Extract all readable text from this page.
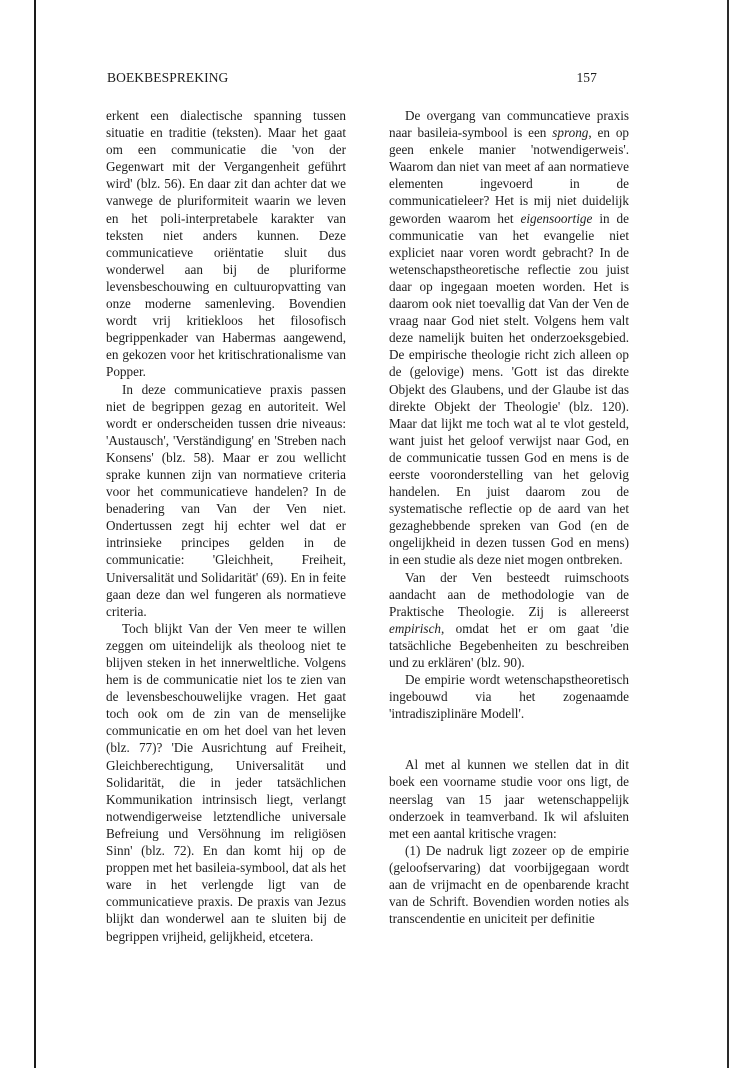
BOEKBESPREKING	157

erkent een dialectische spanning tussen situatie en traditie (teksten). Maar het gaat om een communicatie die 'von der Gegenwart mit der Vergangenheit geführt wird' (blz. 56). En daar zit dan achter dat we vanwege de pluriformiteit waarin we leven en het poli-interpretabele karakter van teksten niet anders kunnen. Deze communicatieve oriëntatie sluit dus wonderwel aan bij de pluriforme levensbeschouwing en cultuuropvatting van onze moderne samenleving. Bovendien wordt vrij kritiekloos het filosofisch begrippenkader van Habermas aangewend, en gekozen voor het kritischrationalisme van Popper.

In deze communicatieve praxis passen niet de begrippen gezag en autoriteit. Wel wordt er onderscheiden tussen drie niveaus: 'Austausch', 'Verständigung' en 'Streben nach Konsens' (blz. 58). Maar er zou wellicht sprake kunnen zijn van normatieve criteria voor het communicatieve handelen? In de benadering van Van der Ven niet. Ondertussen zegt hij echter wel dat er intrinsieke principes gelden in de communicatie: 'Gleichheit, Freiheit, Universalität und Solidarität' (69). En in feite gaan deze dan wel fungeren als normatieve criteria.

Toch blijkt Van der Ven meer te willen zeggen om uiteindelijk als theoloog niet te blijven steken in het innerweltliche. Volgens hem is de communicatie niet los te zien van de levensbeschouwelijke vragen. Het gaat toch ook om de zin van de menselijke communicatie en om het doel van het leven (blz. 77)? 'Die Ausrichtung auf Freiheit, Gleichberechtigung, Universalität und Solidarität, die in jeder tatsächlichen Kommunikation intrinsisch liegt, verlangt notwendigerweise letztendliche universale Befreiung und Versöhnung im religiösen Sinn' (blz. 72). En dan komt hij op de proppen met het basileia-symbool, dat als het ware in het verlengde ligt van de communicatieve praxis. De praxis van Jezus blijkt dan wonderwel aan te sluiten bij de begrippen vrijheid, gelijkheid, etcetera.

De overgang van communcatieve praxis naar basileia-symbool is een sprong, en op geen enkele manier 'notwendigerweis'. Waarom dan niet van meet af aan normatieve elementen ingevoerd in de communicatieleer? Het is mij niet duidelijk geworden waarom het eigensoortige in de communicatie van het evangelie niet expliciet naar voren wordt gebracht? In de wetenschapstheoretische reflectie zou juist daar op ingegaan moeten worden. Het is daarom ook niet toevallig dat Van der Ven de vraag naar God niet stelt. Volgens hem valt deze namelijk buiten het onderzoeksgebied. De empirische theologie richt zich alleen op de (gelovige) mens. 'Gott ist das direkte Objekt des Glaubens, und der Glaube ist das direkte Objekt der Theologie' (blz. 120). Maar dat lijkt me toch wat al te vlot gesteld, want juist het geloof verwijst naar God, en de communicatie tussen God en mens is de eerste vooronderstelling van het gelovig handelen. En juist daarom zou de systematische reflectie op de aard van het gezaghebbende spreken van God (en de ongelijkheid in dezen tussen God en mens) in een studie als deze niet mogen ontbreken.

Van der Ven besteedt ruimschoots aandacht aan de methodologie van de Praktische Theologie. Zij is allereerst empirisch, omdat het er om gaat 'die tatsächliche Begebenheiten zu beschreiben und zu erklären' (blz. 90).

De empirie wordt wetenschapstheoretisch ingebouwd via het zogenaamde 'intradisziplinäre Modell'.

Al met al kunnen we stellen dat in dit boek een voorname studie voor ons ligt, de neerslag van 15 jaar wetenschappelijk onderzoek in teamverband. Ik wil afsluiten met een aantal kritische vragen:

(1) De nadruk ligt zozeer op de empirie (geloofservaring) dat voorbijgegaan wordt aan de vrijmacht en de openbarende kracht van de Schrift. Bovendien worden noties als transcendentie en uniciteit per definitie
